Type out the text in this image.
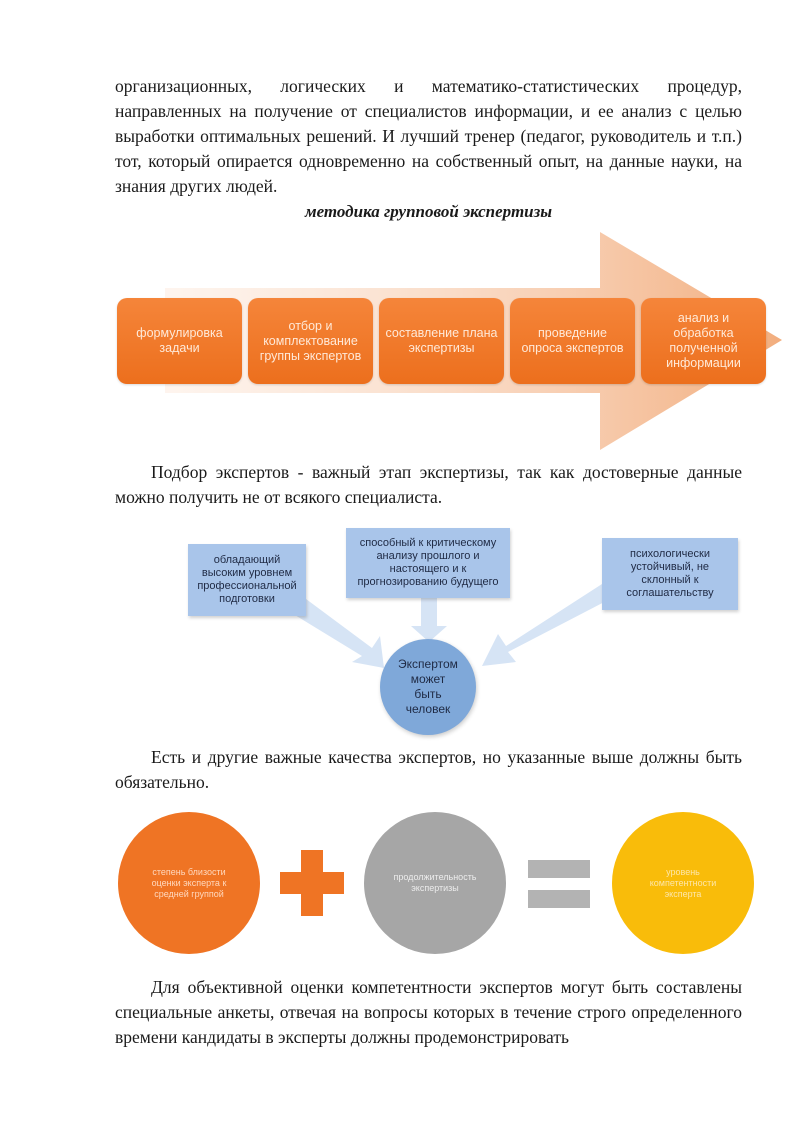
организационных, логических и математико-статистических процедур, направленных на получение от специалистов информации, и ее анализ с целью выработки оптимальных решений. И лучший тренер (педагог, руководитель и т.п.) тот, который опирается одновременно на собственный опыт, на данные науки, на знания других людей.
методика групповой экспертизы
формулировка задачи
отбор и комплектование группы экспертов
составление плана экспертизы
проведение опроса экспертов
анализ и обработка полученной информации
Подбор экспертов - важный этап экспертизы, так как достоверные данные можно получить не от всякого специалиста.
обладающий высоким уровнем профессиональной подготовки
способный к критическому анализу прошлого и настоящего и к прогнозированию будущего
психологически устойчивый, не склонный к соглашательству
Экспертом может быть человек
Есть и другие важные качества экспертов, но указанные выше должны быть обязательно.
степень близости оценки эксперта к средней группой
продолжительность экспертизы
уровень компетентности эксперта
Для объективной оценки компетентности экспертов могут быть составлены специальные анкеты, отвечая на вопросы которых в течение строго определенного времени кандидаты в эксперты должны продемонстрировать
